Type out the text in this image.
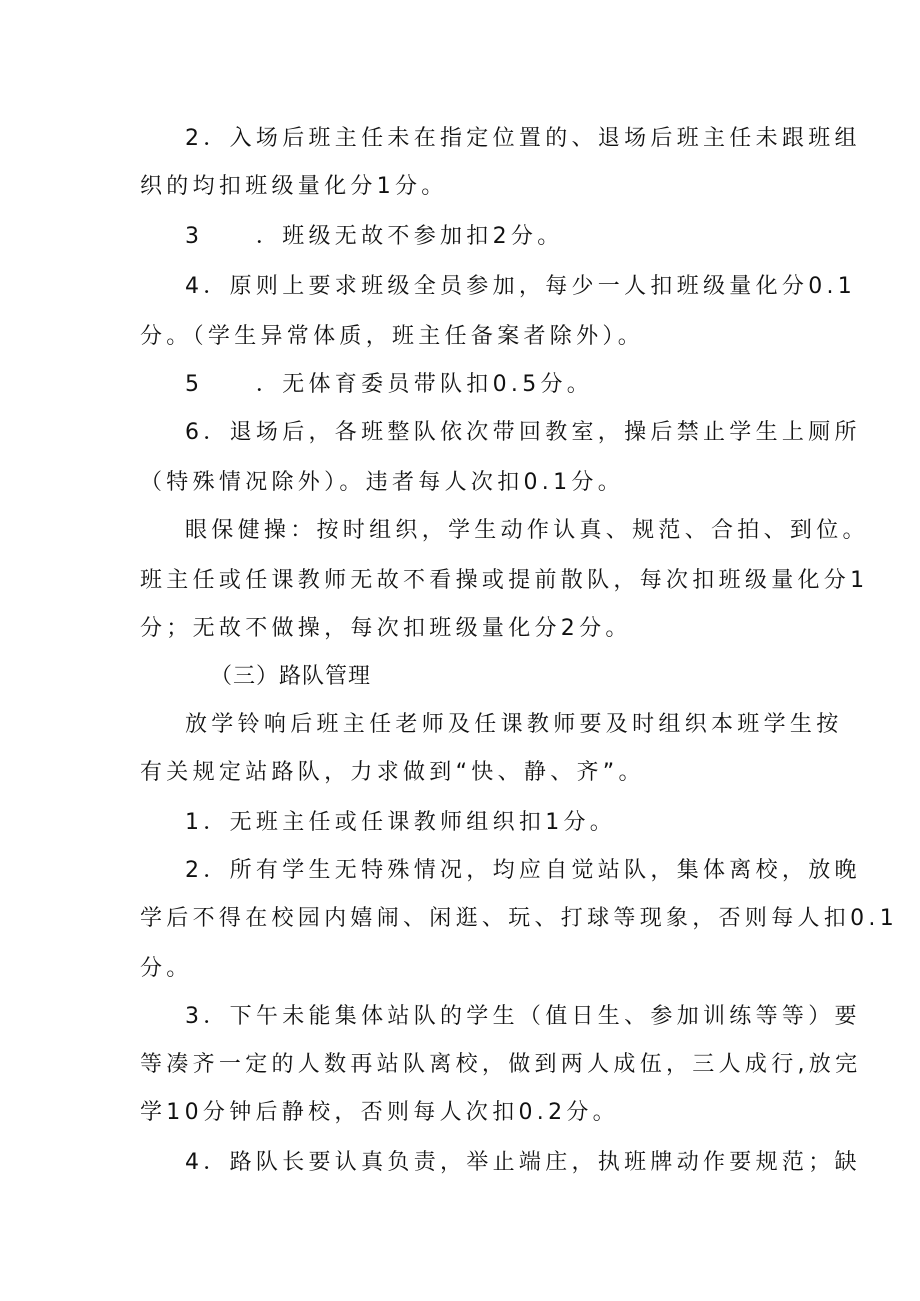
2．入场后班主任未在指定位置的、退场后班主任未跟班组

织的均扣班级量化分1分。

3　　．班级无故不参加扣2分。

4．原则上要求班级全员参加，每少一人扣班级量化分0.1

分。（学生异常体质，班主任备案者除外）。

5　　．无体育委员带队扣0.5分。

6．退场后，各班整队依次带回教室，操后禁止学生上厕所

（特殊情况除外）。违者每人次扣0.1分。

眼保健操：按时组织，学生动作认真、规范、合拍、到位。

班主任或任课教师无故不看操或提前散队，每次扣班级量化分1

分；无故不做操，每次扣班级量化分2分。

（三）路队管理

放学铃响后班主任老师及任课教师要及时组织本班学生按

有关规定站路队，力求做到“快、静、齐”。

1．无班主任或任课教师组织扣1分。

2．所有学生无特殊情况，均应自觉站队，集体离校，放晚

学后不得在校园内嬉闹、闲逛、玩、打球等现象，否则每人扣0.1

分。

3．下午未能集体站队的学生（值日生、参加训练等等）要

等凑齐一定的人数再站队离校，做到两人成伍，三人成行,放完

学10分钟后静校，否则每人次扣0.2分。

4．路队长要认真负责，举止端庄，执班牌动作要规范；缺
